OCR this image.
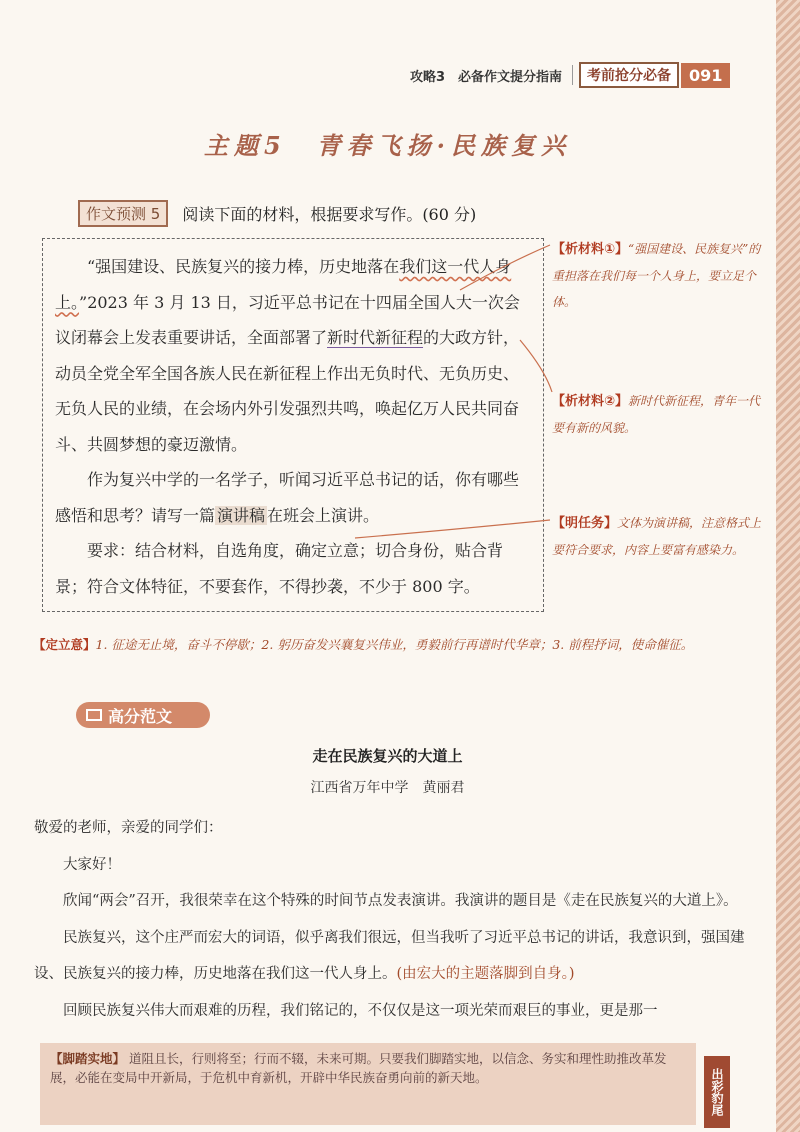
攻略3　必备作文提分指南	考前抢分必备	091
主题5　青春飞扬·民族复兴
作文预测 5	阅读下面的材料，根据要求写作。(60 分)

“强国建设、民族复兴的接力棒，历史地落在我们这一代人身上。”2023 年 3 月 13 日，习近平总书记在十四届全国人大一次会议闭幕会上发表重要讲话，全面部署了新时代新征程的大政方针，动员全党全军全国各族人民在新征程上作出无负时代、无负历史、无负人民的业绩，在会场内外引发强烈共鸣，唤起亿万人民共同奋斗、共圆梦想的豪迈激情。

作为复兴中学的一名学子，听闻习近平总书记的话，你有哪些感悟和思考？请写一篇 演讲稿 在班会上演讲。

要求：结合材料，自选角度，确定立意；切合身份，贴合背景；符合文体特征，不要套作，不得抄袭，不少于 800 字。

【析材料①】“强国建设、民族复兴”的重担落在我们每一个人身上，要立足个体。
【析材料②】新时代新征程，青年一代要有新的风貌。
【明任务】文体为演讲稿，注意格式上要符合要求，内容上要富有感染力。
【定立意】1. 征途无止境，奋斗不停歇；2. 躬历奋发兴襄复兴伟业，勇毅前行再谱时代华章；3. 前程抒词，使命催征。
高分范文
走在民族复兴的大道上
江西省万年中学　黄丽君

敬爱的老师，亲爱的同学们：

大家好！

欣闻“两会”召开，我很荣幸在这个特殊的时间节点发表演讲。我演讲的题目是《走在民族复兴的大道上》。

民族复兴，这个庄严而宏大的词语，似乎离我们很远，但当我听了习近平总书记的讲话，我意识到，强国建设、民族复兴的接力棒，历史地落在我们这一代人身上。(由宏大的主题落脚到自身。)

回顾民族复兴伟大而艰难的历程，我们铭记的，不仅仅是这一项光荣而艰巨的事业，更是那一

【脚踏实地】 道阻且长，行则将至；行而不辍，未来可期。只要我们脚踏实地，以信念、务实和理性助推改革发展，必能在变局中开新局，于危机中育新机，开辟中华民族奋勇向前的新天地。	出彩豹尾
